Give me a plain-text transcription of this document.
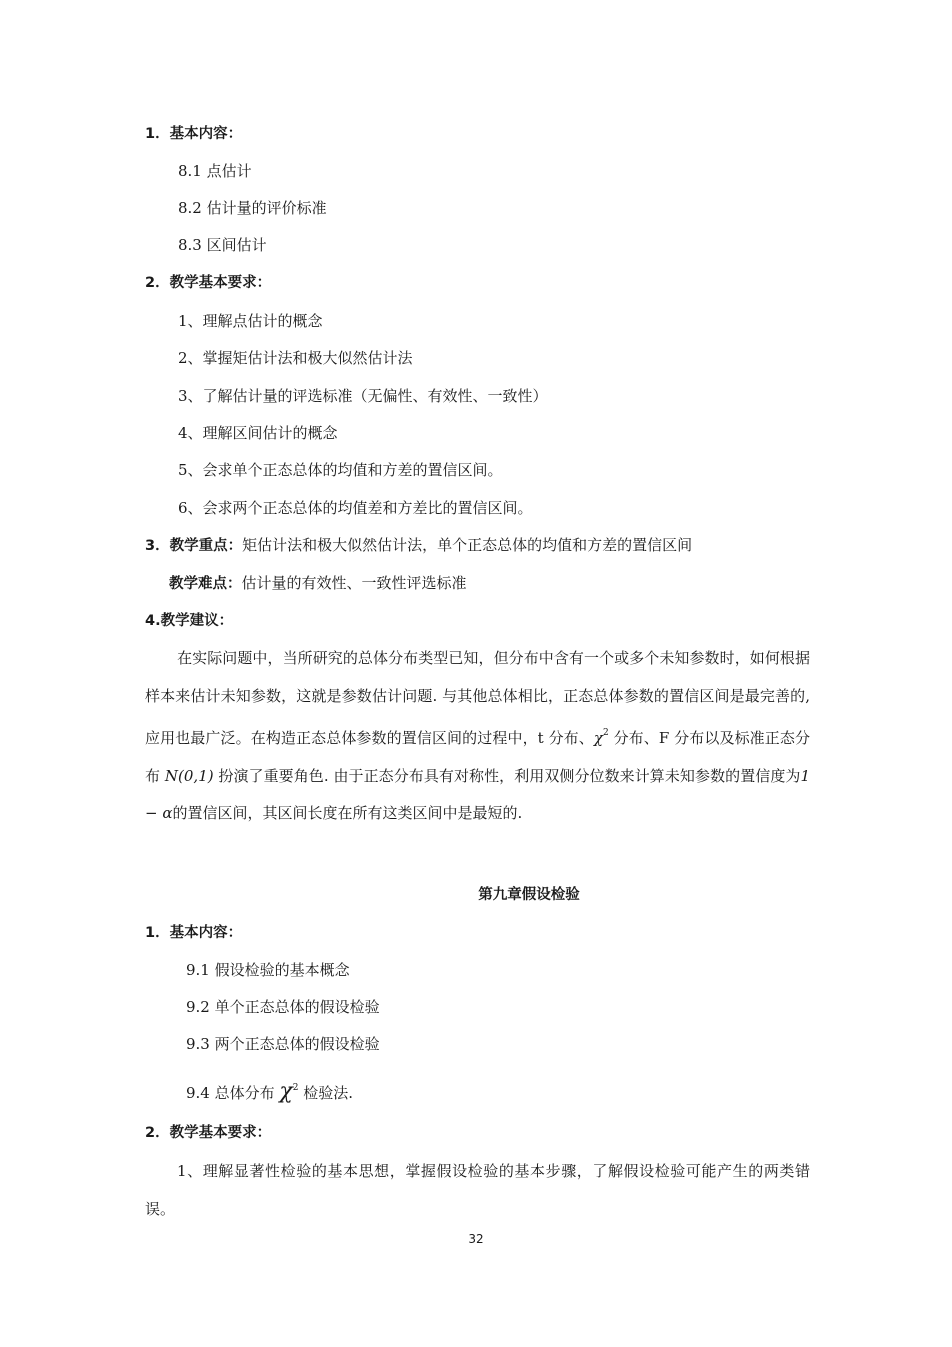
1．基本内容：
8.1 点估计
8.2 估计量的评价标准
8.3 区间估计
2．教学基本要求：
1、理解点估计的概念
2、掌握矩估计法和极大似然估计法
3、了解估计量的评选标准（无偏性、有效性、一致性）
4、理解区间估计的概念
5、会求单个正态总体的均值和方差的置信区间。
6、会求两个正态总体的均值差和方差比的置信区间。
3．教学重点：矩估计法和极大似然估计法，单个正态总体的均值和方差的置信区间
教学难点：估计量的有效性、一致性评选标准
4.教学建议：
在实际问题中，当所研究的总体分布类型已知，但分布中含有一个或多个未知参数时，如何根据样本来估计未知参数，这就是参数估计问题. 与其他总体相比，正态总体参数的置信区间是最完善的,应用也最广泛。在构造正态总体参数的置信区间的过程中，t 分布、$\chi^2$ 分布、F 分布以及标准正态分布 N(0,1) 扮演了重要角色. 由于正态分布具有对称性，利用双侧分位数来计算未知参数的置信度为1 − α的置信区间，其区间长度在所有这类区间中是最短的.
第九章假设检验
1．基本内容：
9.1 假设检验的基本概念
9.2 单个正态总体的假设检验
9.3 两个正态总体的假设检验
9.4 总体分布 $\chi^2$ 检验法.
2．教学基本要求：
1、理解显著性检验的基本思想，掌握假设检验的基本步骤，了解假设检验可能产生的两类错误。
32
